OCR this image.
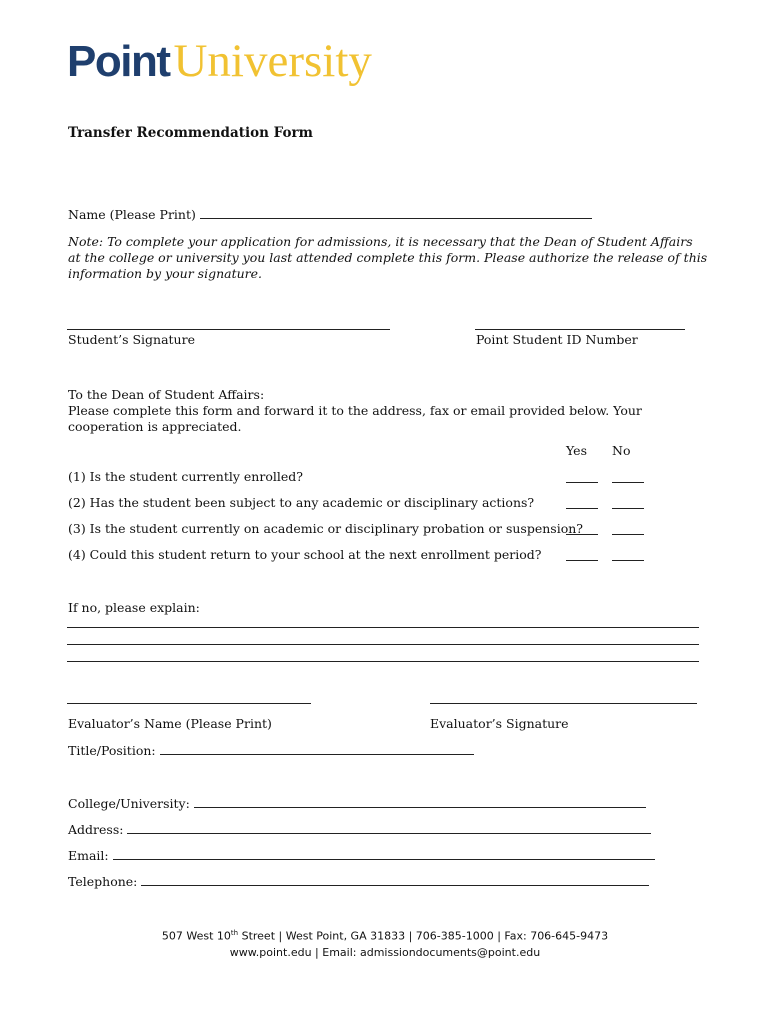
PointUniversity
Transfer Recommendation Form
Name (Please Print)
Note: To complete your application for admissions, it is necessary that the Dean of Student Affairs at the college or university you last attended complete this form. Please authorize the release of this information by your signature.
Student’s Signature	Point Student ID Number
To the Dean of Student Affairs:
Please complete this form and forward it to the address, fax or email provided below. Your cooperation is appreciated.
Yes No
(1) Is the student currently enrolled?
(2) Has the student been subject to any academic or disciplinary actions?
(3) Is the student currently on academic or disciplinary probation or suspension?
(4) Could this student return to your school at the next enrollment period?
If no, please explain:
Evaluator’s Name (Please Print)	Evaluator’s Signature
Title/Position:
College/University:
Address:
Email:
Telephone:
507 West 10th Street | West Point, GA 31833 | 706-385-1000 | Fax: 706-645-9473
www.point.edu | Email: admissiondocuments@point.edu
